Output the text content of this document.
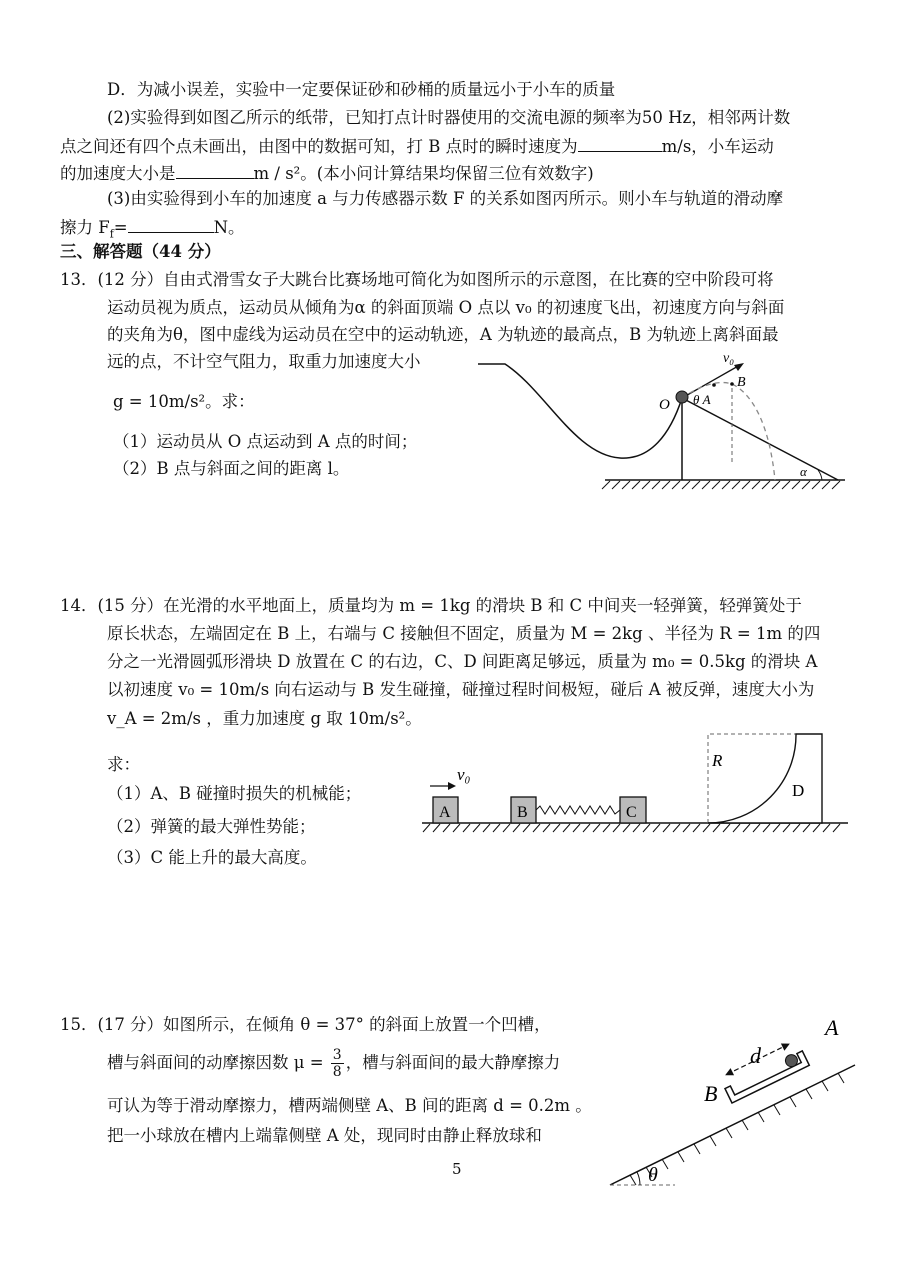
D．为减小误差，实验中一定要保证砂和砂桶的质量远小于小车的质量
(2)实验得到如图乙所示的纸带，已知打点计时器使用的交流电源的频率为50 Hz，相邻两计数
点之间还有四个点未画出，由图中的数据可知，打 B 点时的瞬时速度为	m/s，小车运动
的加速度大小是	m / s²。(本小问计算结果均保留三位有效数字)
(3)由实验得到小车的加速度 a 与力传感器示数 F 的关系如图丙所示。则小车与轨道的滑动摩
擦力 $F_f=$	N。
三、解答题（44 分）
13．(12 分）自由式滑雪女子大跳台比赛场地可简化为如图所示的示意图，在比赛的空中阶段可将
运动员视为质点，运动员从倾角为α 的斜面顶端 O 点以 v₀ 的初速度飞出，初速度方向与斜面
的夹角为θ，图中虚线为运动员在空中的运动轨迹，A 为轨迹的最高点，B 为轨迹上离斜面最
远的点，不计空气阻力，取重力加速度大小
g = 10m/s²。求：
（1）运动员从 O 点运动到 A 点的时间；
（2）B 点与斜面之间的距离 l。
v₀
B
O θ A
α
14．(15 分）在光滑的水平地面上，质量均为 m = 1kg 的滑块 B 和 C 中间夹一轻弹簧，轻弹簧处于
原长状态，左端固定在 B 上，右端与 C 接触但不固定，质量为 M = 2kg 、半径为 R = 1m 的四
分之一光滑圆弧形滑块 D 放置在 C 的右边，C、D 间距离足够远，质量为 m₀ = 0.5kg 的滑块 A
以初速度 v₀ = 10m/s 向右运动与 B 发生碰撞，碰撞过程时间极短，碰后 A 被反弹，速度大小为
v_A = 2m/s ，重力加速度 g 取 10m/s²。
求：
（1）A、B 碰撞时损失的机械能；
（2）弹簧的最大弹性势能；
（3）C 能上升的最大高度。
v₀
A	B	C
R
D
15．(17 分）如图所示，在倾角 θ = 37° 的斜面上放置一个凹槽，
槽与斜面间的动摩擦因数 $\mu = \frac{3}{8}$ ，槽与斜面间的最大静摩擦力
可认为等于滑动摩擦力，槽两端侧壁 A、B 间的距离 d = 0.2m 。
把一小球放在槽内上端靠侧壁 A 处，现同时由静止释放球和
θ
d
A
B
5
